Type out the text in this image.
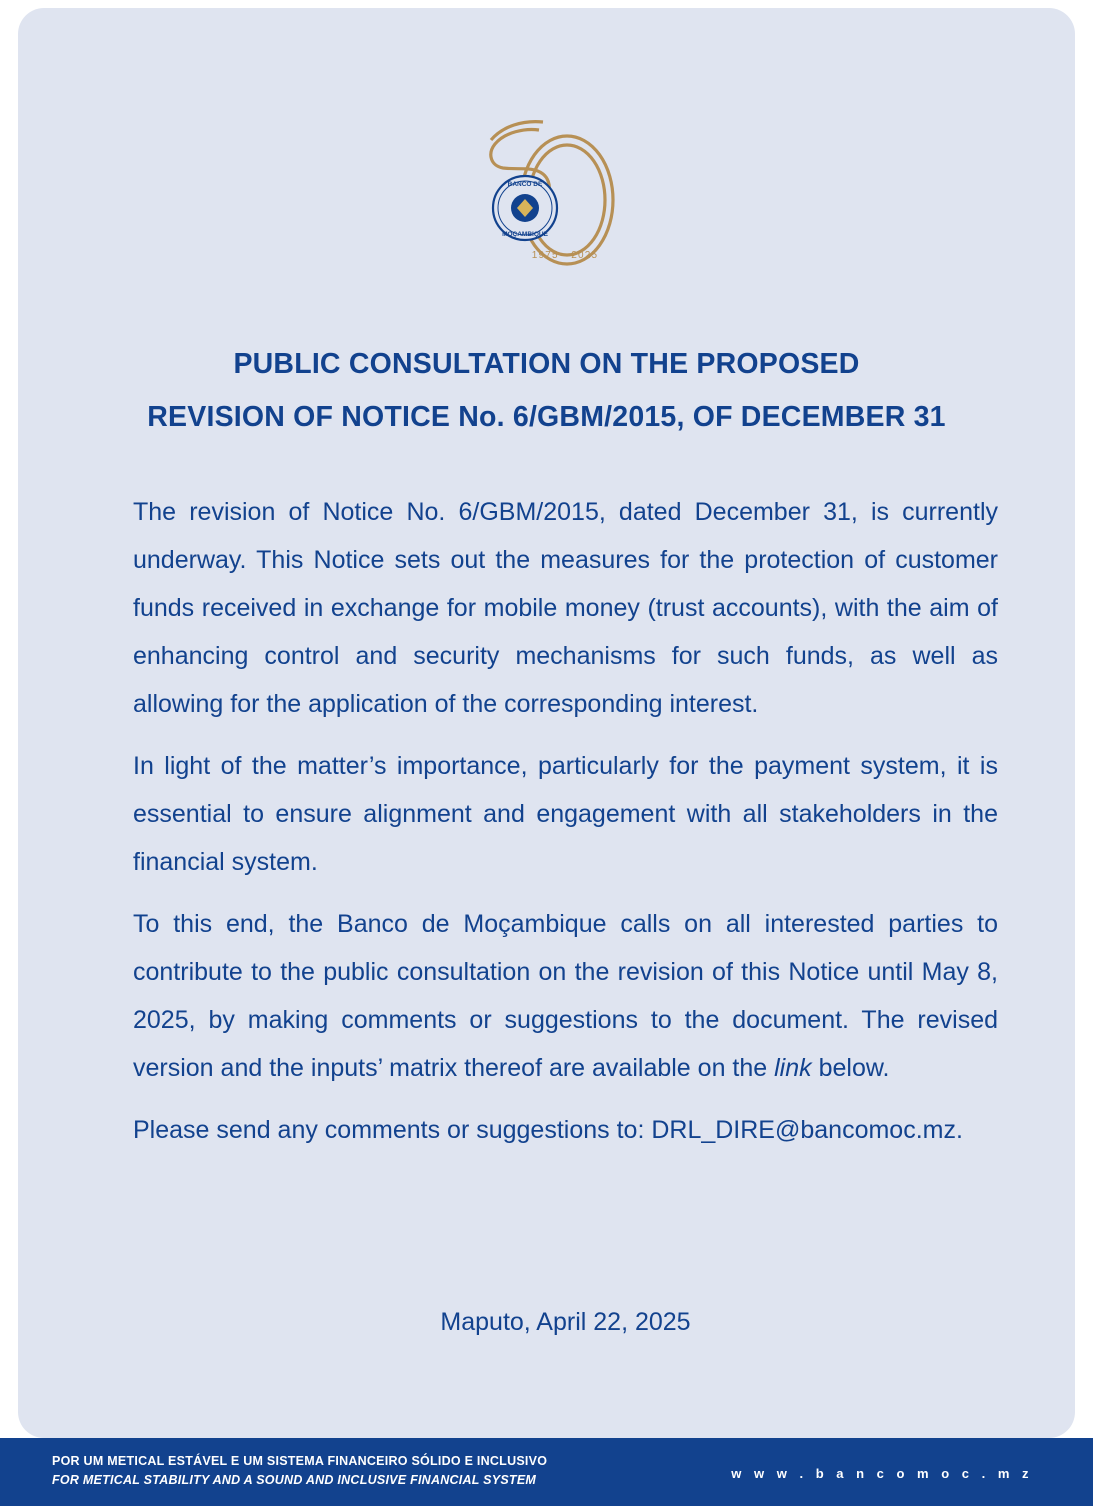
BANCO DE
MOÇAMBIQUE
1975 - 2025
PUBLIC CONSULTATION ON THE PROPOSED
REVISION OF NOTICE No. 6/GBM/2015, OF DECEMBER 31

The revision of Notice No. 6/GBM/2015, dated December 31, is currently underway. This Notice sets out the measures for the protection of customer funds received in exchange for mobile money (trust accounts), with the aim of enhancing control and security mechanisms for such funds, as well as allowing for the application of the corresponding interest.

In light of the matter’s importance, particularly for the payment system, it is essential to ensure alignment and engagement with all stakeholders in the financial system.

To this end, the Banco de Moçambique calls on all interested parties to contribute to the public consultation on the revision of this Notice until May 8, 2025, by making comments or suggestions to the document. The revised version and the inputs’ matrix thereof are available on the link below.

Please send any comments or suggestions to: DRL_DIRE@bancomoc.mz.

Maputo, April 22, 2025
POR UM METICAL ESTÁVEL E UM SISTEMA FINANCEIRO SÓLIDO E INCLUSIVO
FOR METICAL STABILITY AND A SOUND AND INCLUSIVE FINANCIAL SYSTEM	w w w . b a n c o m o c . m z
